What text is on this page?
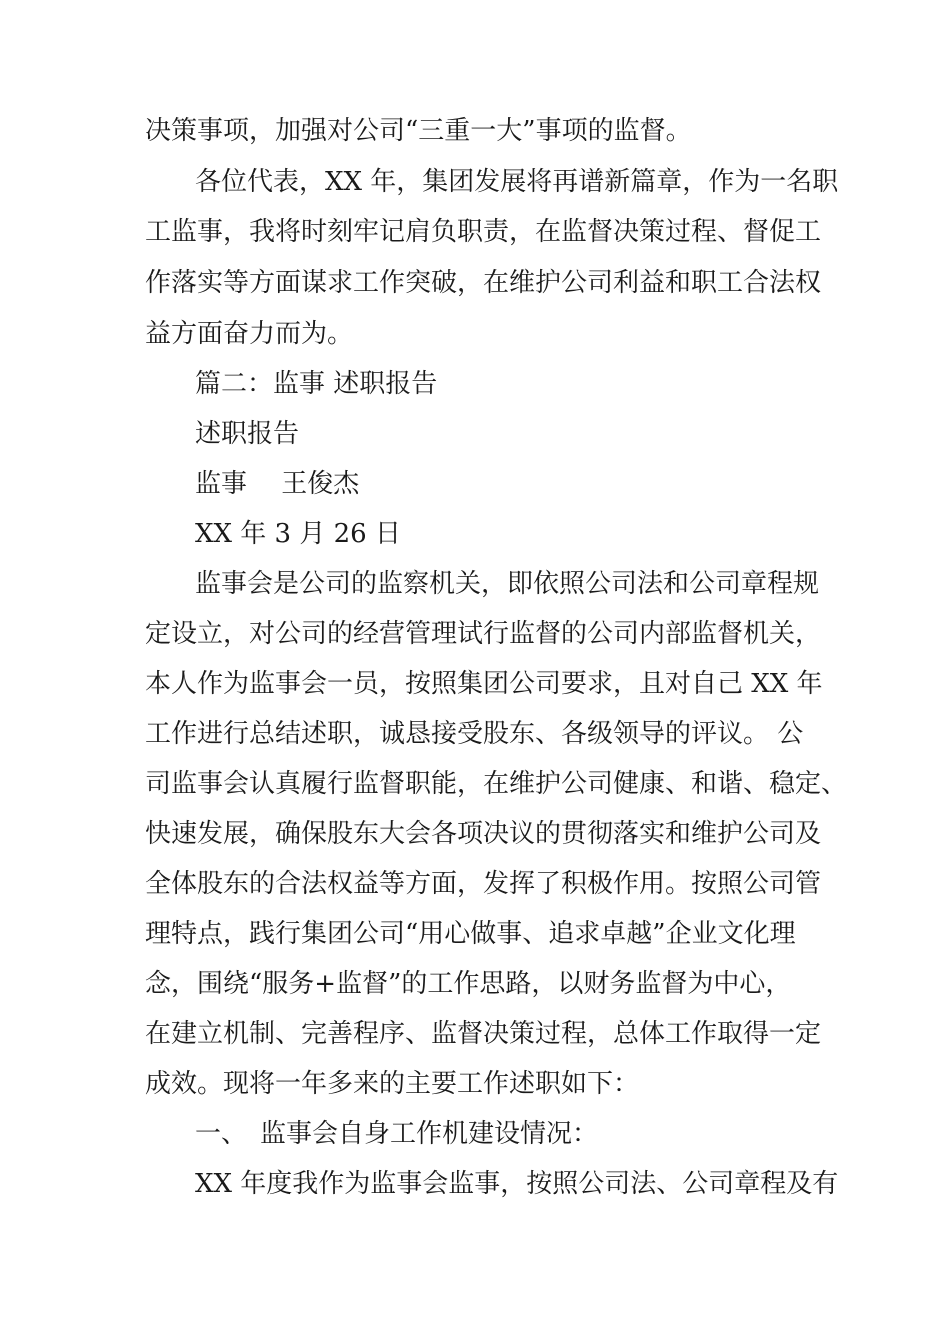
决策事项，加强对公司“三重一大”事项的监督。
各位代表，XX 年，集团发展将再谱新篇章，作为一名职
工监事，我将时刻牢记肩负职责，在监督决策过程、督促工
作落实等方面谋求工作突破，在维护公司利益和职工合法权
益方面奋力而为。
篇二：监事 述职报告
述职报告
监事　 王俊杰
XX 年 3 月 26 日
监事会是公司的监察机关，即依照公司法和公司章程规
定设立，对公司的经营管理试行监督的公司内部监督机关，
本人作为监事会一员，按照集团公司要求，且对自己 XX 年
工作进行总结述职，诚恳接受股东、各级领导的评议。 公
司监事会认真履行监督职能，在维护公司健康、和谐、稳定、
快速发展，确保股东大会各项决议的贯彻落实和维护公司及
全体股东的合法权益等方面，发挥了积极作用。按照公司管
理特点，践行集团公司“用心做事、追求卓越”企业文化理
念，围绕“服务+监督”的工作思路，以财务监督为中心，
在建立机制、完善程序、监督决策过程，总体工作取得一定
成效。现将一年多来的主要工作述职如下：
一、　监事会自身工作机建设情况：
XX 年度我作为监事会监事，按照公司法、公司章程及有
